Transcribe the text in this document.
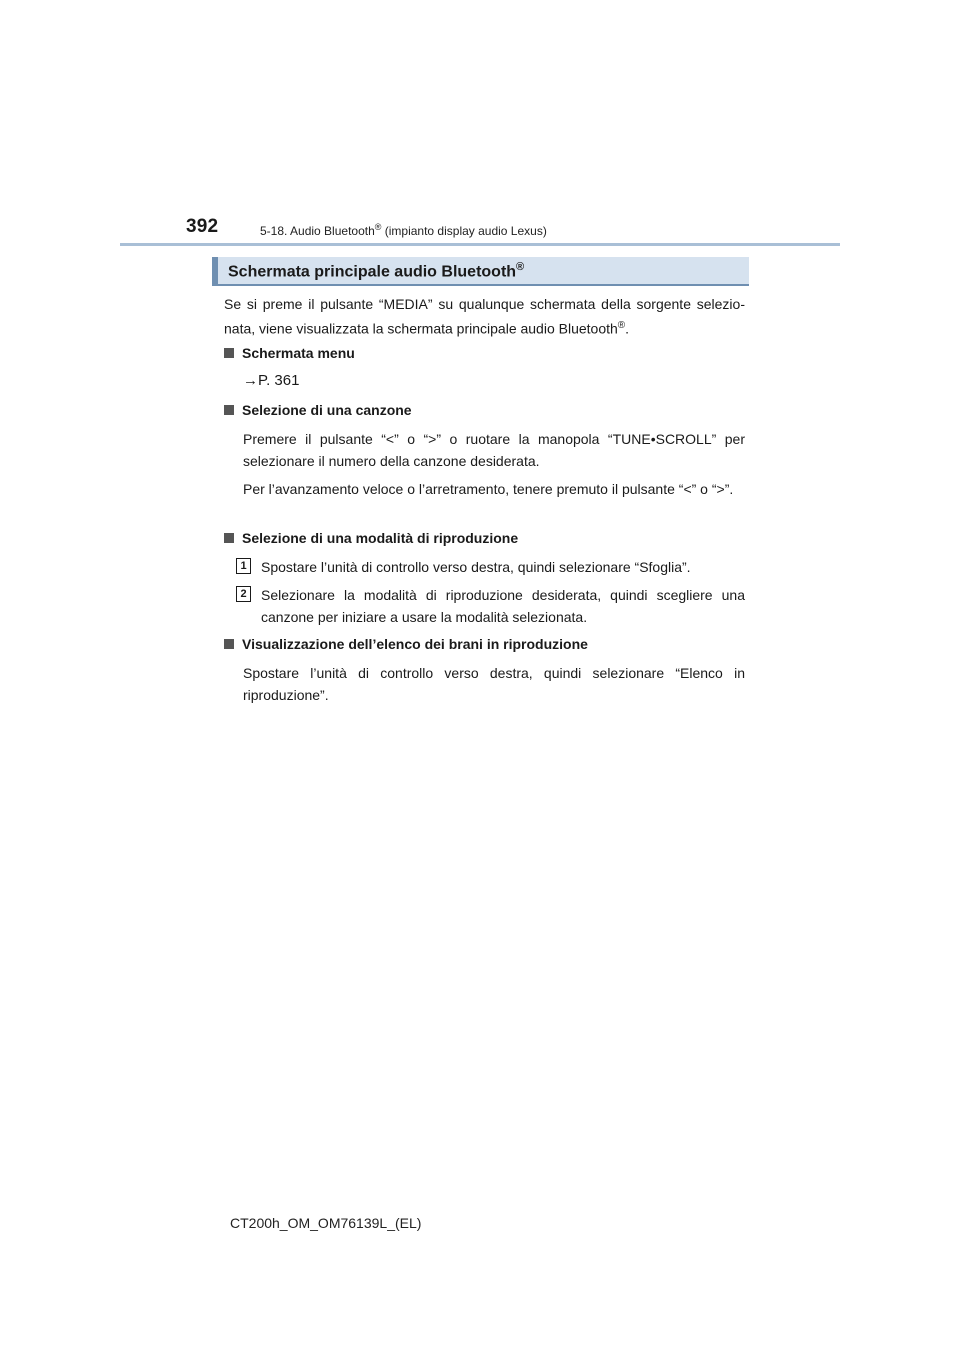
392	5-18. Audio Bluetooth® (impianto display audio Lexus)
Schermata principale audio Bluetooth®
Se si preme il pulsante “MEDIA” su qualunque schermata della sorgente selezio-nata, viene visualizzata la schermata principale audio Bluetooth®.
Schermata menu
→P. 361
Selezione di una canzone
Premere il pulsante “<” o “>” o ruotare la manopola “TUNE•SCROLL” per selezionare il numero della canzone desiderata.
Per l’avanzamento veloce o l’arretramento, tenere premuto il pulsante “<” o “>”.
Selezione di una modalità di riproduzione
1	Spostare l’unità di controllo verso destra, quindi selezionare “Sfoglia”.
2	Selezionare la modalità di riproduzione desiderata, quindi scegliere una canzone per iniziare a usare la modalità selezionata.
Visualizzazione dell’elenco dei brani in riproduzione
Spostare l’unità di controllo verso destra, quindi selezionare “Elenco in riproduzione”.
CT200h_OM_OM76139L_(EL)
